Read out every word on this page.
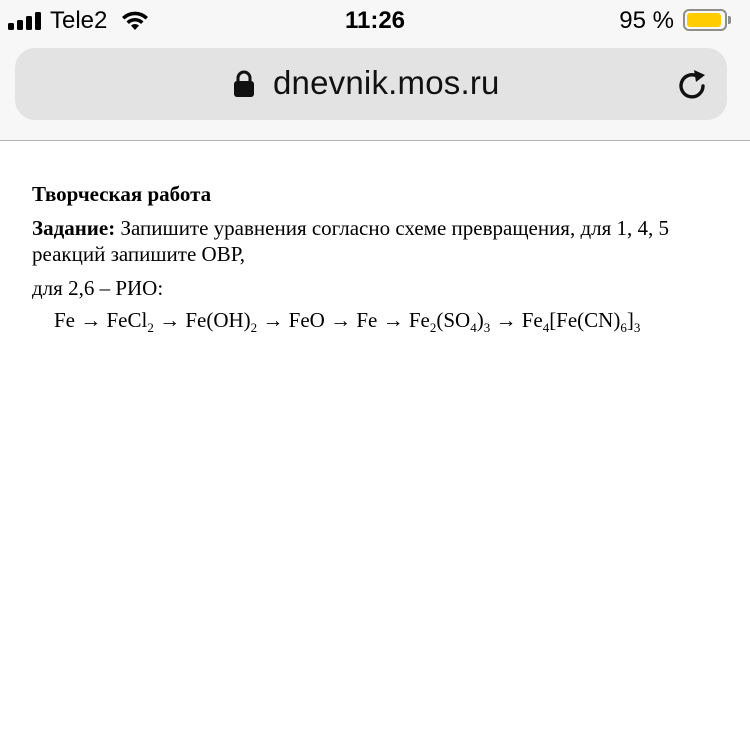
Tele2	11:26	95 %
dnevnik.mos.ru

Творческая работа

Задание: Запишите уравнения согласно схеме превращения, для 1, 4, 5 реакций запишите ОВР,

для 2,6 – РИО:

Fe → FeCl$_2$ → $Fe(OH)_2$ → FeO → $Fe \to Fe_2(SO_4)_3 \to Fe_4[Fe(CN)_6]_3$
